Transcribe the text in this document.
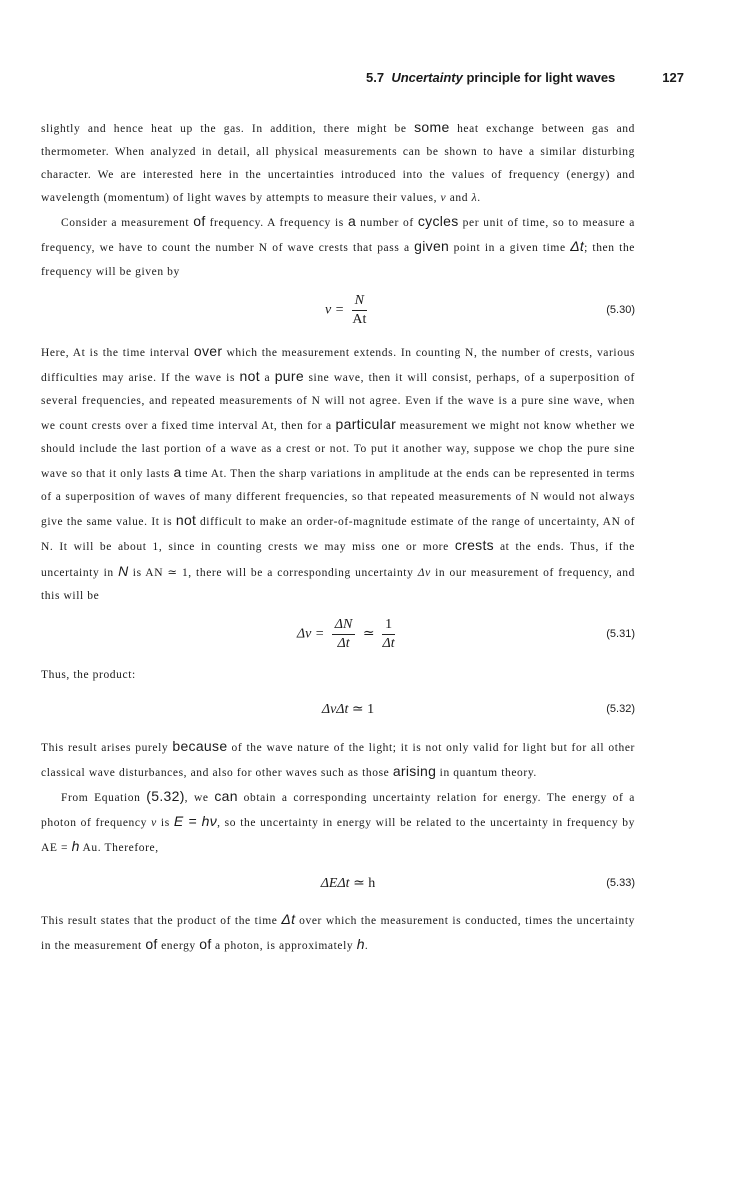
5.7 Uncertainty principle for light waves	127

slightly and hence heat up the gas. In addition, there might be some heat exchange between gas and thermometer. When analyzed in detail, all physical measurements can be shown to have a similar disturbing character. We are interested here in the uncertainties introduced into the values of frequency (energy) and wavelength (momentum) of light waves by attempts to measure their values, ν and λ.

Consider a measurement of frequency. A frequency is a number of cycles per unit of time, so to measure a frequency, we have to count the number N of wave crests that pass a given point in a given time Δt; then the frequency will be given by

$\nu = \frac{N}{At}$	(5.30)

Here, At is the time interval over which the measurement extends. In counting N, the number of crests, various difficulties may arise. If the wave is not a pure sine wave, then it will consist, perhaps, of a superposition of several frequencies, and repeated measurements of N will not agree. Even if the wave is a pure sine wave, when we count crests over a fixed time interval At, then for a particular measurement we might not know whether we should include the last portion of a wave as a crest or not. To put it another way, suppose we chop the pure sine wave so that it only lasts a time At. Then the sharp variations in amplitude at the ends can be represented in terms of a superposition of waves of many different frequencies, so that repeated measurements of N would not always give the same value. It is not difficult to make an order-of-magnitude estimate of the range of uncertainty, AN of N. It will be about 1, since in counting crests we may miss one or more crests at the ends. Thus, if the uncertainty in N is AN ≃ 1, there will be a corresponding uncertainty Δν in our measurement of frequency, and this will be

$\Delta\nu = \frac{\Delta N}{\Delta t}$ ≃ $\frac{1}{\Delta t}$	(5.31)

Thus, the product:

ΔνΔt ≃ 1	(5.32)

This result arises purely because of the wave nature of the light; it is not only valid for light but for all other classical wave disturbances, and also for other waves such as those arising in quantum theory.

From Equation (5.32), we can obtain a corresponding uncertainty relation for energy. The energy of a photon of frequency ν is E = hν, so the uncertainty in energy will be related to the uncertainty in frequency by AE = h Au. Therefore,

ΔEΔt ≃ h	(5.33)

This result states that the product of the time Δt over which the measurement is conducted, times the uncertainty in the measurement of energy of a photon, is approximately h.
